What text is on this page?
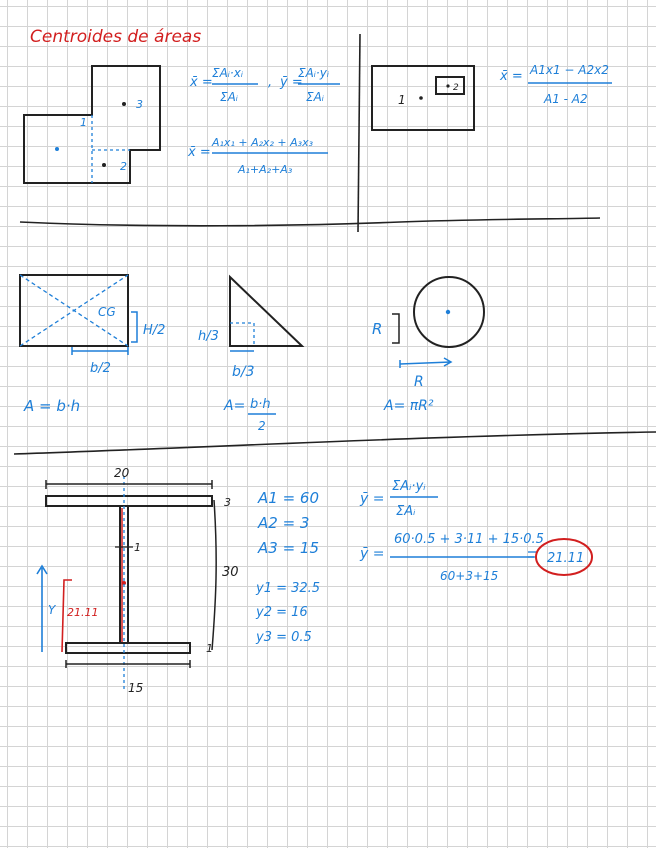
Centroides de áreas
1
2
3
x̄ =
ΣAᵢ·xᵢ
ΣAᵢ
, ȳ =
ΣAᵢ·yᵢ
ΣAᵢ
x̄ =
A₁x₁ + A₂x₂ + A₃x₃
A₁+A₂+A₃
1
2
x̄ = A1x1 − A2x2
A1 - A2
CG
H/2
b/2
A = b·h
h/3
b/3
A= b·h
2
R
R
A= πR²
20
15
30
3
1
1
Y 21.11
A1 = 60
A2 = 3
A3 = 15
y1 = 32.5
y2 = 16
y3 = 0.5
ȳ =
ΣAᵢ·yᵢ
ΣAᵢ
ȳ =
60·0.5 + 3·11 + 15·0.5
60+3+15
21.11
